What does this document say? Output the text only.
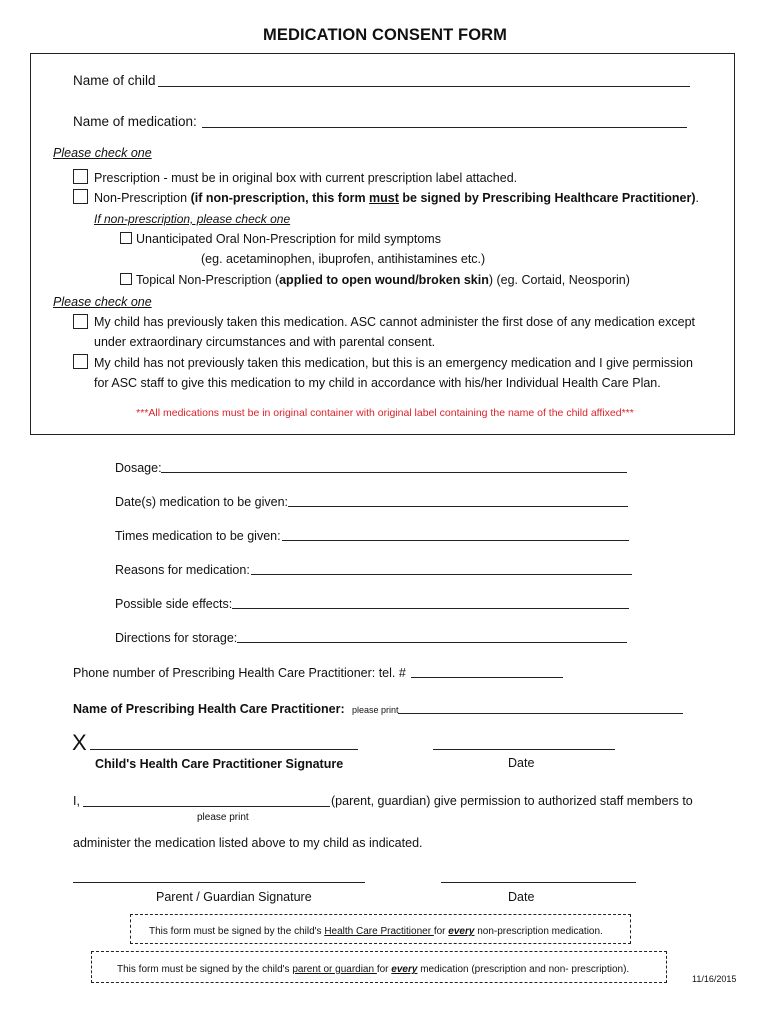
MEDICATION CONSENT FORM
Name of child
Name of medication:
Please check one
Prescription - must be in original box with current prescription label attached.
Non-Prescription (if non-prescription, this form must be signed by Prescribing Healthcare Practitioner).
If non-prescription, please check one
Unanticipated Oral Non-Prescription for mild symptoms
(eg. acetaminophen, ibuprofen, antihistamines etc.)
Topical Non-Prescription (applied to open wound/broken skin) (eg. Cortaid, Neosporin)
Please check one
My child has previously taken this medication. ASC cannot administer the first dose of any medication except
under extraordinary circumstances and with parental consent.
My child has not previously taken this medication, but this is an emergency medication and I give permission
for ASC staff to give this medication to my child in accordance with his/her Individual Health Care Plan.
***All medications must be in original container with original label containing the name of the child affixed***
Dosage:
Date(s) medication to be given:
Times medication to be given:
Reasons for medication:
Possible side effects:
Directions for storage:
Phone number of Prescribing Health Care Practitioner: tel. #
Name of Prescribing Health Care Practitioner: please print
X
Child's Health Care Practitioner Signature	Date
I,	(parent, guardian) give permission to authorized staff members to
please print
administer the medication listed above to my child as indicated.
Parent / Guardian Signature	Date
This form must be signed by the child's Health Care Practitioner for every non-prescription medication.
This form must be signed by the child's parent or guardian for every medication (prescription and non- prescription).
11/16/2015
